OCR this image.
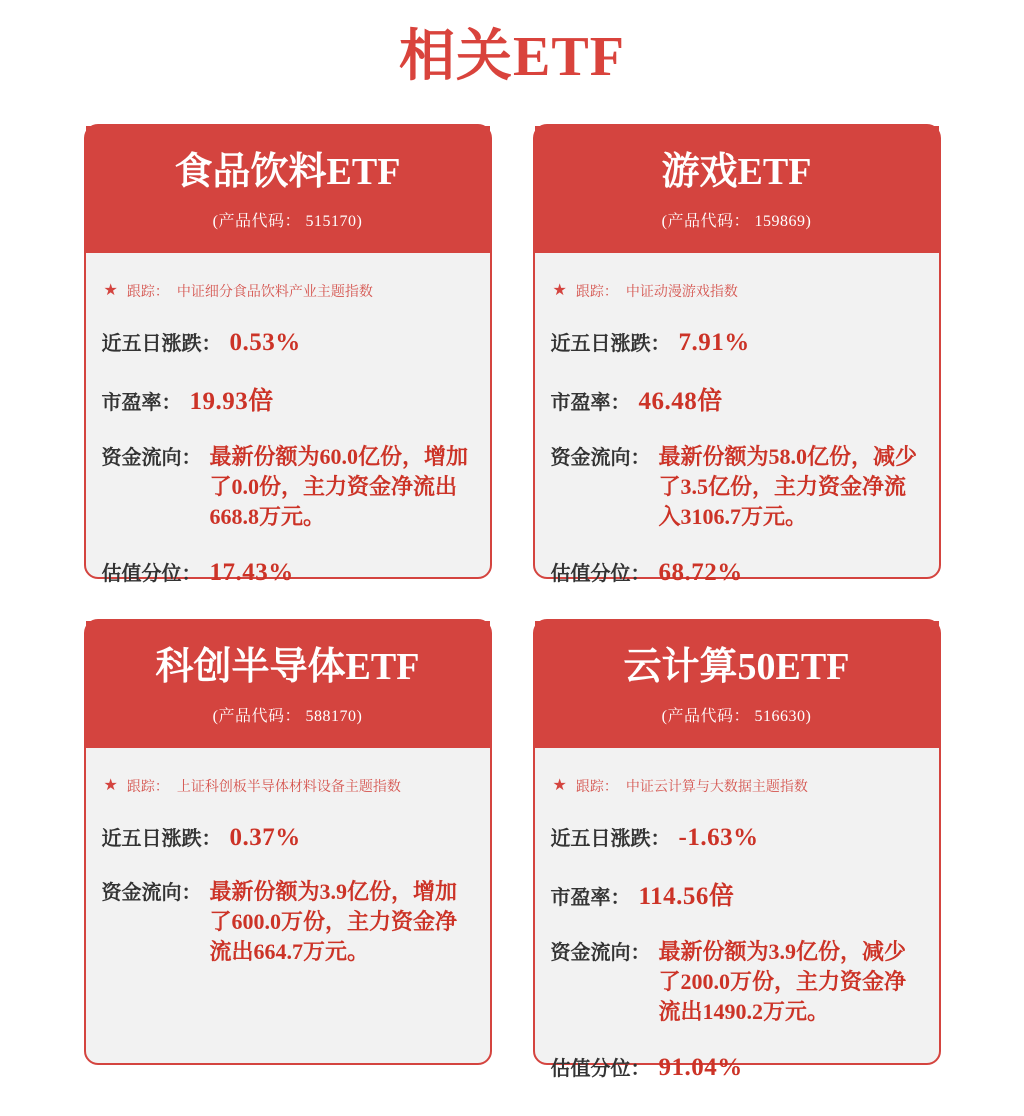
相关ETF
食品饮料ETF
(产品代码： 515170)
★ 跟踪： 中证细分食品饮料产业主题指数
近五日涨跌： 0.53%
市盈率： 19.93倍
资金流向： 最新份额为60.0亿份，增加了0.0份，主力资金净流出668.8万元。
估值分位： 17.43%
游戏ETF
(产品代码： 159869)
★ 跟踪： 中证动漫游戏指数
近五日涨跌： 7.91%
市盈率： 46.48倍
资金流向： 最新份额为58.0亿份，减少了3.5亿份，主力资金净流入3106.7万元。
估值分位： 68.72%
科创半导体ETF
(产品代码： 588170)
★ 跟踪： 上证科创板半导体材料设备主题指数
近五日涨跌： 0.37%
资金流向： 最新份额为3.9亿份，增加了600.0万份，主力资金净流出664.7万元。
云计算50ETF
(产品代码： 516630)
★ 跟踪： 中证云计算与大数据主题指数
近五日涨跌： -1.63%
市盈率： 114.56倍
资金流向： 最新份额为3.9亿份，减少了200.0万份，主力资金净流出1490.2万元。
估值分位： 91.04%
